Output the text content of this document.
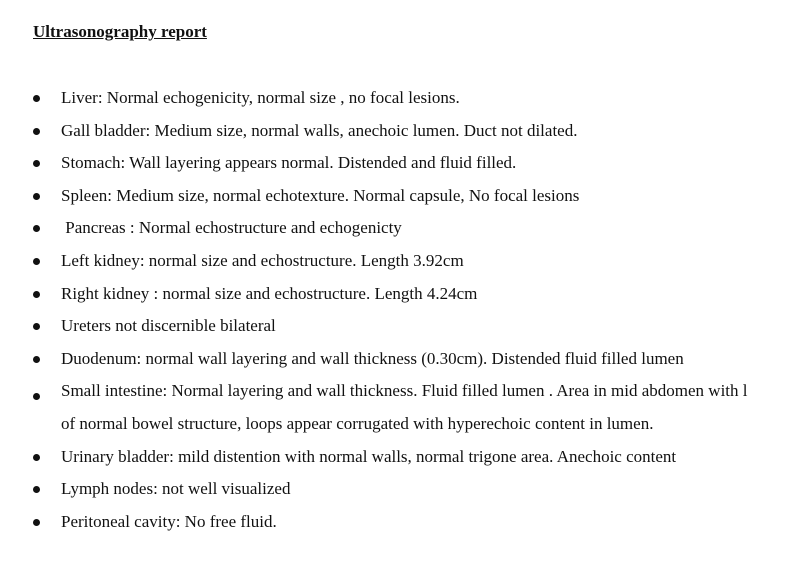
Ultrasonography report
Liver: Normal echogenicity, normal size , no focal lesions.
Gall bladder: Medium size, normal walls, anechoic lumen. Duct not dilated.
Stomach: Wall layering appears normal. Distended and fluid filled.
Spleen: Medium size, normal echotexture. Normal capsule, No focal lesions
Pancreas : Normal echostructure and echogenicty
Left kidney: normal size and echostructure. Length 3.92cm
Right kidney : normal size and echostructure. Length 4.24cm
Ureters not discernible bilateral
Duodenum: normal wall layering and wall thickness (0.30cm). Distended fluid filled lumen
Small intestine: Normal layering and wall thickness. Fluid filled lumen . Area in mid abdomen with l
of normal bowel structure, loops appear corrugated with hyperechoic content in lumen.
Urinary bladder: mild distention with normal walls, normal trigone area. Anechoic content
Lymph nodes: not well visualized
Peritoneal cavity: No free fluid.
